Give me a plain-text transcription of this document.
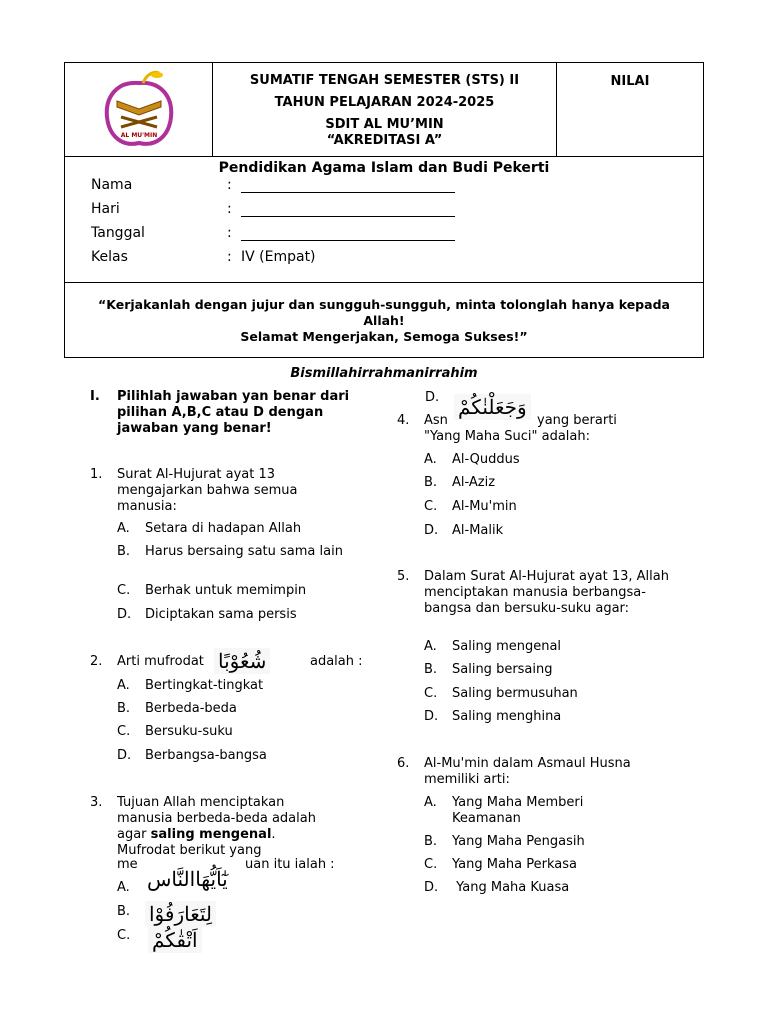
AL MU'MIN
SUMATIF TENGAH SEMESTER (STS) II
TAHUN PELAJARAN 2024-2025
SDIT AL MU’MIN
“AKREDITASI A”
NILAI
Pendidikan Agama Islam dan Budi Pekerti
Nama	:
Hari	:
Tanggal	:
Kelas	: IV (Empat)
“Kerjakanlah dengan jujur dan sungguh-sungguh, minta tolonglah hanya kepada Allah!
Selamat Mengerjakan, Semoga Sukses!”
Bismillahirrahmanirrahim
I. Pilihlah jawaban yan benar dari pilihan A,B,C atau D dengan jawaban yang benar!
1. Surat Al-Hujurat ayat 13 mengajarkan bahwa semua manusia:
A. Setara di hadapan Allah
B.	Harus bersaing satu sama lain
C. Berhak untuk memimpin
D. Diciptakan sama persis
2. Arti mufrodat شُعُوْبًا	adalah :
A. Bertingkat-tingkat
B. Berbeda-beda
C. Bersuku-suku
D. Berbangsa-bangsa
3. Tujuan Allah menciptakan
manusia berbeda-beda adalah
agar saling mengenal.
Mufrodat berikut yang
me	uan itu ialah :
A. يٰٓاَيُّهَاالنَّاس
B. لِتَعَارَفُوْا
C.	اَتْقٰكُمْ
D. وَجَعَلْنٰكُمْ
4. Asn	yang berarti
"Yang Maha Suci" adalah:
A. Al-Quddus
B. Al-Aziz
C. Al-Mu'min
D. Al-Malik
5. Dalam Surat Al-Hujurat ayat 13, Allah menciptakan manusia berbangsa-bangsa dan bersuku-suku agar:
A. Saling mengenal
B. Saling bersaing
C. Saling bermusuhan
D. Saling menghina
6. Al-Mu'min dalam Asmaul Husna memiliki arti:
A.	Yang Maha Memberi Keamanan
B. Yang Maha Pengasih
C. Yang Maha Perkasa
D. Yang Maha Kuasa
